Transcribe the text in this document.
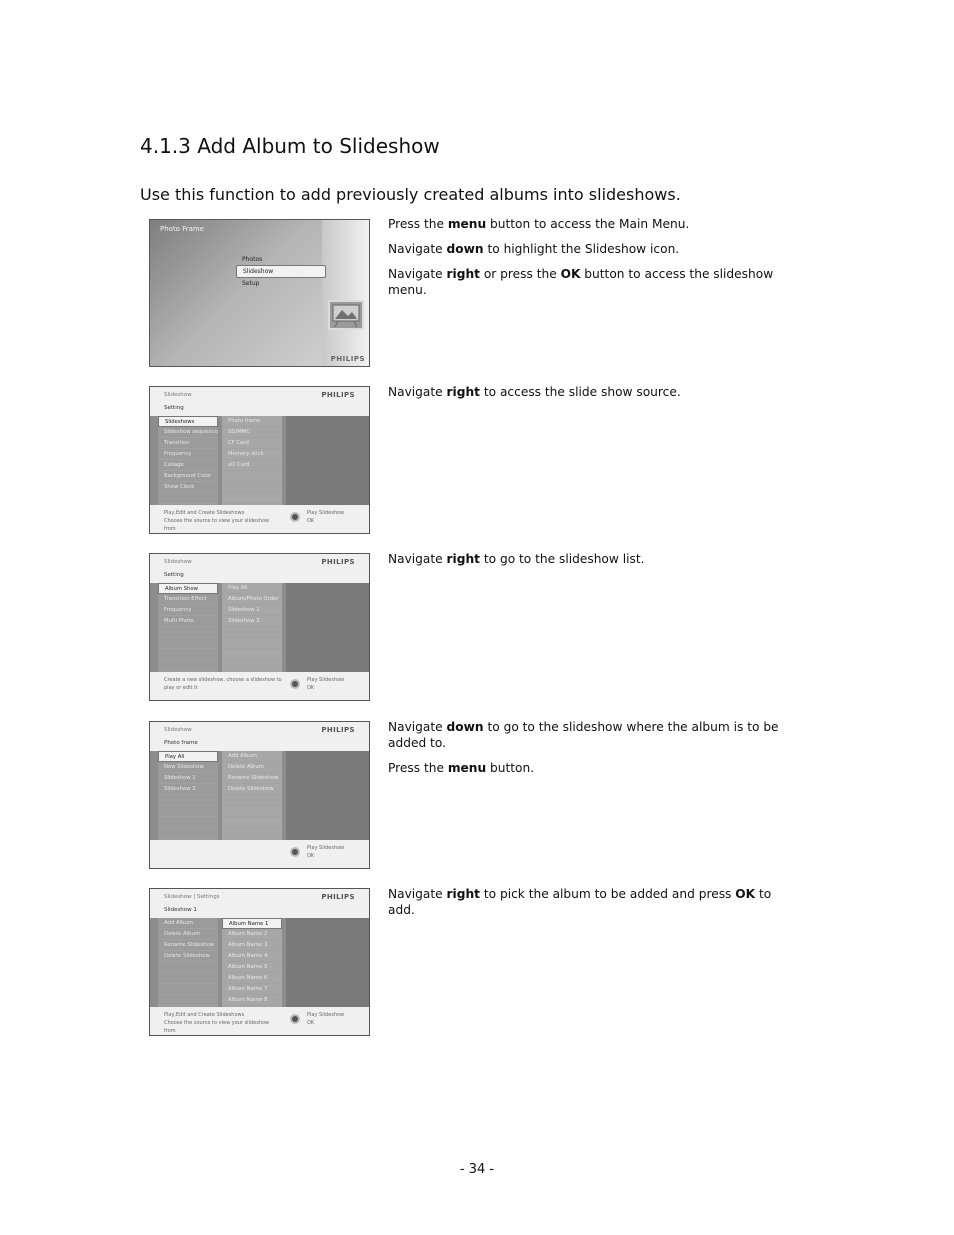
4.1.3 Add Album to Slideshow

Use this function to add previously created albums into slideshows.

Photo Frame
Photos
Slideshow
Setup
PHILIPS

Press the menu button to access the Main Menu.

Navigate down to highlight the Slideshow icon.

Navigate right or press the OK button to access the slideshow menu.

Slideshow	PHILIPS
Setting
Slideshows
Slideshow sequence
Transition
Frequency
Collage
Background Color
Show Clock
Photo frame
SD/MMC
CF Card
Memory stick
xD Card
Play,Edit and Create Slideshows
Choose the source to view your slideshow from
Play Slideshow
OK

Navigate right to access the slide show source.

Slideshow	PHILIPS
Setting
Album Show
Transition Effect
Frequency
Multi Photo
Play All
Album/Photo Order
Slideshow 1
Slideshow 2
Create a new slideshow, choose a slideshow to
play or edit it
Play Slideshow
OK

Navigate right to go to the slideshow list.

Slideshow	PHILIPS
Photo frame
Play All
New Slideshow
Slideshow 1
Slideshow 2
Add Album
Delete Album
Rename Slideshow
Delete Slideshow
Play Slideshow
OK

Navigate down to go to the slideshow where the album is to be added to.

Press the menu button.

Slideshow | Settings	PHILIPS
Slideshow 1
Add Album
Delete Album
Rename Slideshow
Delete Slideshow
Album Name 1
Album Name 2
Album Name 3
Album Name 4
Album Name 5
Album Name 6
Album Name 7
Album Name 8
Play,Edit and Create Slideshows
Choose the source to view your slideshow from
Play Slideshow
OK

Navigate right to pick the album to be added and press OK to add.

- 34 -
